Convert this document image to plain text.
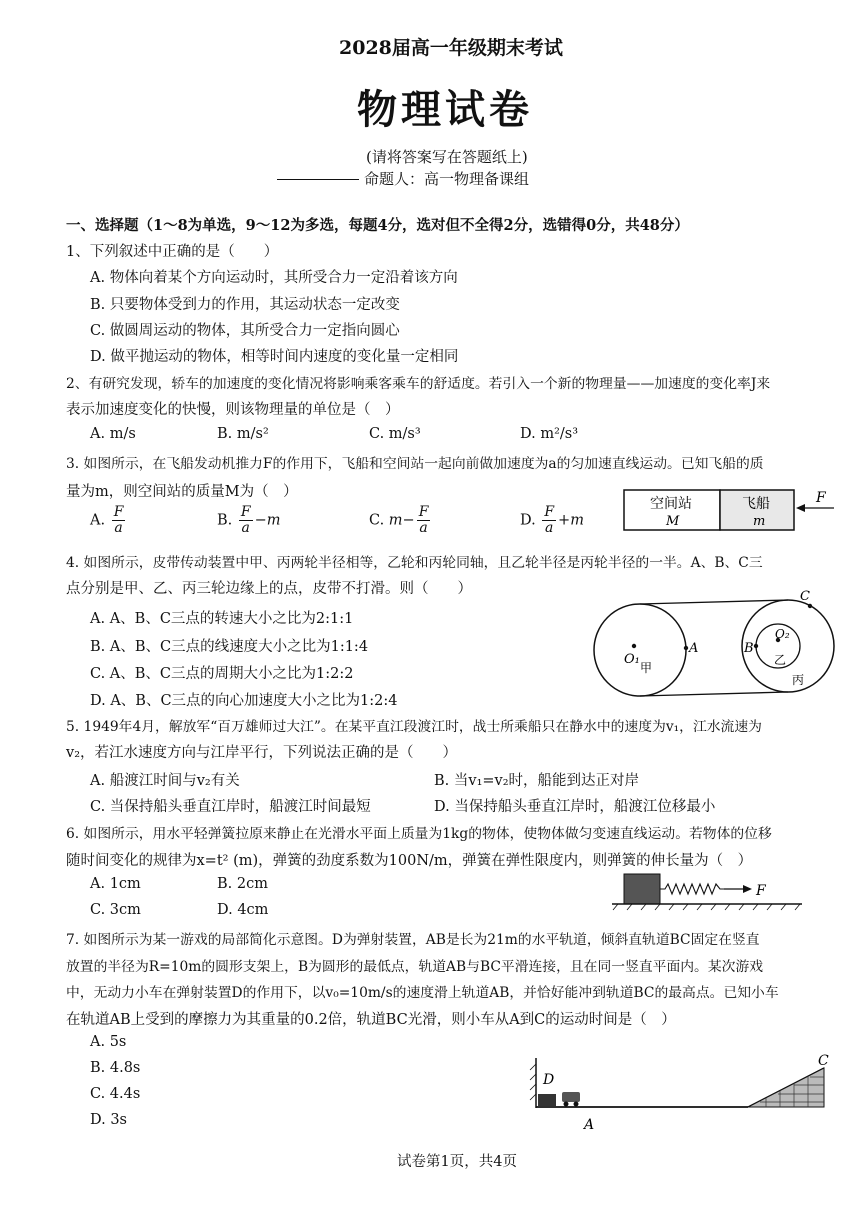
2028届高一年级期末考试
物理试卷
(请将答案写在答题纸上)
命题人：高一物理备课组
一、选择题（1～8为单选，9～12为多选，每题4分，选对但不全得2分，选错得0分，共48分）
1、下列叙述中正确的是（　　）
A. 物体向着某个方向运动时，其所受合力一定沿着该方向
B. 只要物体受到力的作用，其运动状态一定改变
C. 做圆周运动的物体，其所受合力一定指向圆心
D. 做平抛运动的物体，相等时间内速度的变化量一定相同
2、有研究发现，轿车的加速度的变化情况将影响乘客乘车的舒适度。若引入一个新的物理量——加速度的变化率J来
表示加速度变化的快慢，则该物理量的单位是（　）
A. m/s	B. m/s²	C. m/s³	D. m²/s³
3. 如图所示，在飞船发动机推力F的作用下，飞船和空间站一起向前做加速度为a的匀加速直线运动。已知飞船的质
量为m，则空间站的质量M为（　）
A. $\frac{F}{a}$	B. $\frac{F}{a} -m$	C. $m- \frac{F}{a}$	D. $\frac{F}{a} +m$
空间站
M
飞船
m
F
4. 如图所示，皮带传动装置中甲、丙两轮半径相等，乙轮和丙轮同轴，且乙轮半径是丙轮半径的一半。A、B、C三
点分别是甲、乙、丙三轮边缘上的点，皮带不打滑。则（　　）
A. A、B、C三点的转速大小之比为2:1:1
B. A、B、C三点的线速度大小之比为1:1:4
C. A、B、C三点的周期大小之比为1:2:2
D. A、B、C三点的向心加速度大小之比为1:2:4
O₁
甲
A	B
C
O₂
乙
丙
5. 1949年4月，解放军“百万雄师过大江”。在某平直江段渡江时，战士所乘船只在静水中的速度为v₁，江水流速为
v₂，若江水速度方向与江岸平行，下列说法正确的是（　　）
A. 船渡江时间与v₂有关	B. 当v₁=v₂时，船能到达正对岸
C. 当保持船头垂直江岸时，船渡江时间最短	D. 当保持船头垂直江岸时，船渡江位移最小
6. 如图所示，用水平轻弹簧拉原来静止在光滑水平面上质量为1kg的物体，使物体做匀变速直线运动。若物体的位移
随时间变化的规律为x=t² (m)，弹簧的劲度系数为100N/m，弹簧在弹性限度内，则弹簧的伸长量为（　）
A. 1cm	B. 2cm
C. 3cm	D. 4cm
F
7. 如图所示为某一游戏的局部简化示意图。D为弹射装置，AB是长为21m的水平轨道，倾斜直轨道BC固定在竖直
放置的半径为R=10m的圆形支架上，B为圆形的最低点，轨道AB与BC平滑连接，且在同一竖直平面内。某次游戏
中，无动力小车在弹射装置D的作用下，以v₀=10m/s的速度滑上轨道AB，并恰好能冲到轨道BC的最高点。已知小车
在轨道AB上受到的摩擦力为其重量的0.2倍，轨道BC光滑，则小车从A到C的运动时间是（　）
A. 5s
B. 4.8s
C. 4.4s
D. 3s
D
A
C
试卷第1页，共4页
